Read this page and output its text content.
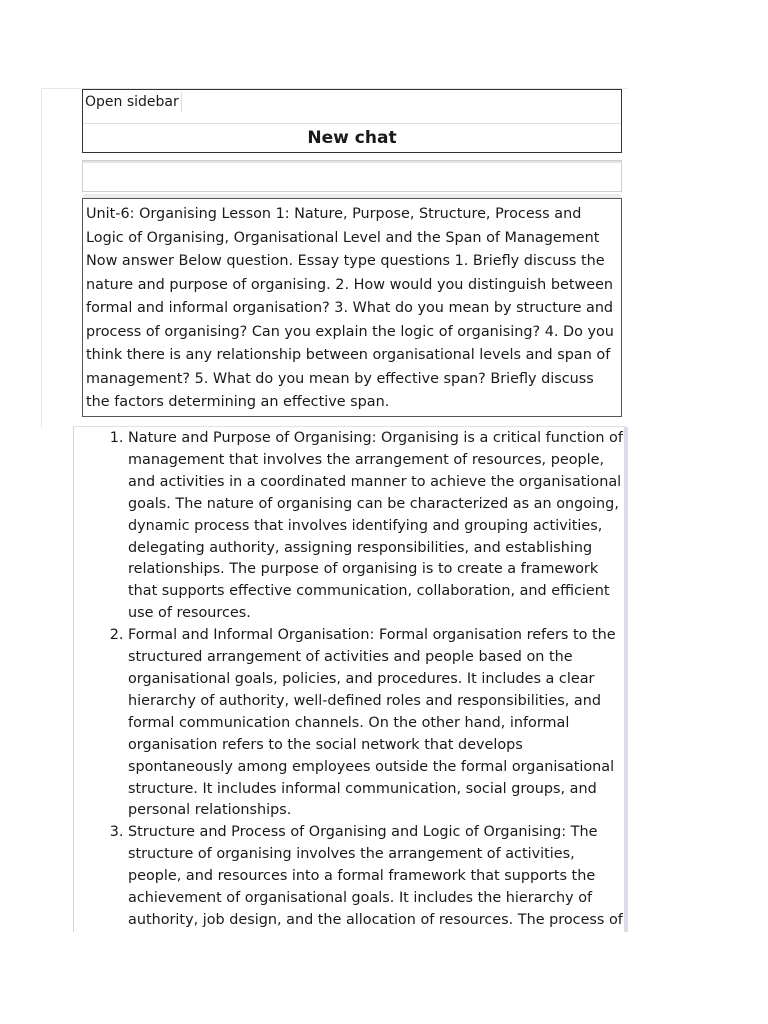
Open sidebar
New chat
Unit-6: Organising Lesson 1: Nature, Purpose, Structure, Process and Logic of Organising, Organisational Level and the Span of Management Now answer Below question. Essay type questions 1. Briefly discuss the nature and purpose of organising. 2. How would you distinguish between formal and informal organisation? 3. What do you mean by structure and process of organising? Can you explain the logic of organising? 4. Do you think there is any relationship between organisational levels and span of management? 5. What do you mean by effective span? Briefly discuss the factors determining an effective span.
1. Nature and Purpose of Organising: Organising is a critical function of management that involves the arrangement of resources, people, and activities in a coordinated manner to achieve the organisational goals. The nature of organising can be characterized as an ongoing, dynamic process that involves identifying and grouping activities, delegating authority, assigning responsibilities, and establishing relationships. The purpose of organising is to create a framework that supports effective communication, collaboration, and efficient use of resources.
2. Formal and Informal Organisation: Formal organisation refers to the structured arrangement of activities and people based on the organisational goals, policies, and procedures. It includes a clear hierarchy of authority, well-defined roles and responsibilities, and formal communication channels. On the other hand, informal organisation refers to the social network that develops spontaneously among employees outside the formal organisational structure. It includes informal communication, social groups, and personal relationships.
3. Structure and Process of Organising and Logic of Organising: The structure of organising involves the arrangement of activities, people, and resources into a formal framework that supports the achievement of organisational goals. It includes the hierarchy of authority, job design, and the allocation of resources. The process of
